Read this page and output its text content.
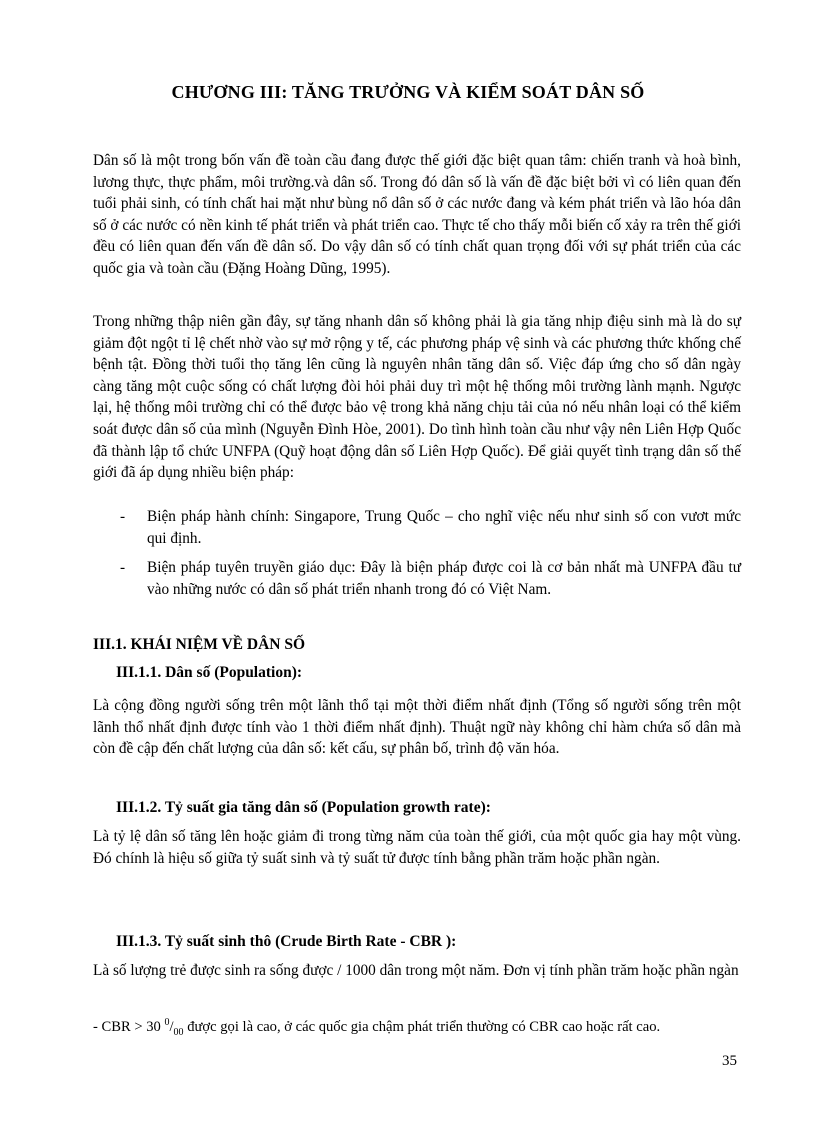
CHƯƠNG III: TĂNG TRƯỞNG VÀ KIỂM SOÁT DÂN SỐ
Dân số là một trong bốn vấn đề toàn cầu đang được thế giới đặc biệt quan tâm: chiến tranh và hoà bình, lương thực, thực phẩm, môi trường.và dân số. Trong đó dân số là vấn đề đặc biệt bởi vì có liên quan đến tuổi phải sinh, có tính chất hai mặt như bùng nổ dân số ở các nước đang và kém phát triển và lão hóa dân số ở các nước có nền kinh tế phát triển và phát triển cao. Thực tế cho thấy mỗi biến cố xảy ra trên thế giới đều có liên quan đến vấn đề dân số. Do vậy dân số có tính chất quan trọng đối với sự phát triển của các quốc gia và toàn cầu (Đặng Hoàng Dũng, 1995).
Trong những thập niên gần đây, sự tăng nhanh dân số không phải là gia tăng nhịp điệu sinh mà là do sự giảm đột ngột tỉ lệ chết nhờ vào sự mở rộng y tế, các phương pháp vệ sinh và các phương thức khống chế bệnh tật. Đồng thời tuổi thọ tăng lên cũng là nguyên nhân tăng dân số. Việc đáp ứng cho số dân ngày càng tăng một cuộc sống có chất lượng đòi hỏi phải duy trì một hệ thống môi trường lành mạnh. Ngược lại, hệ thống môi trường chỉ có thể được bảo vệ trong khả năng chịu tải của nó nếu nhân loại có thể kiểm soát được dân số của mình (Nguyễn Đình Hòe, 2001). Do tình hình toàn cầu như vậy nên Liên Hợp Quốc đã thành lập tổ chức UNFPA (Quỹ hoạt động dân số Liên Hợp Quốc). Để giải quyết tình trạng dân số thế giới đã áp dụng nhiều biện pháp:
- Biện pháp hành chính: Singapore, Trung Quốc – cho nghĩ việc nếu như sinh số con vươt mức qui định.
- Biện pháp tuyên truyền giáo dục: Đây là biện pháp được coi là cơ bản nhất mà UNFPA đầu tư vào những nước có dân số phát triển nhanh trong đó có Việt Nam.
III.1. KHÁI NIỆM VỀ DÂN SỐ
III.1.1. Dân số (Population):
Là cộng đồng người sống trên một lãnh thổ tại một thời điểm nhất định (Tổng số người sống trên một lãnh thổ nhất định được tính vào 1 thời điểm nhất định). Thuật ngữ này không chỉ hàm chứa số dân mà còn đề cập đến chất lượng của dân số: kết cấu, sự phân bố, trình độ văn hóa.
III.1.2. Tỷ suất gia tăng dân số (Population growth rate):
Là tỷ lệ dân số tăng lên hoặc giảm đi trong từng năm của toàn thế giới, của một quốc gia hay một vùng. Đó chính là hiệu số giữa tỷ suất sinh và tỷ suất tử được tính bằng phần trăm hoặc phần ngàn.
III.1.3. Tỷ suất sinh thô (Crude Birth Rate - CBR ):
Là số lượng trẻ được sinh ra sống được / 1000 dân trong một năm. Đơn vị tính phần trăm hoặc phần ngàn
- CBR > 30 $^0/_{00}$ được gọi là cao, ở các quốc gia chậm phát triển thường có CBR cao hoặc rất cao.
35
